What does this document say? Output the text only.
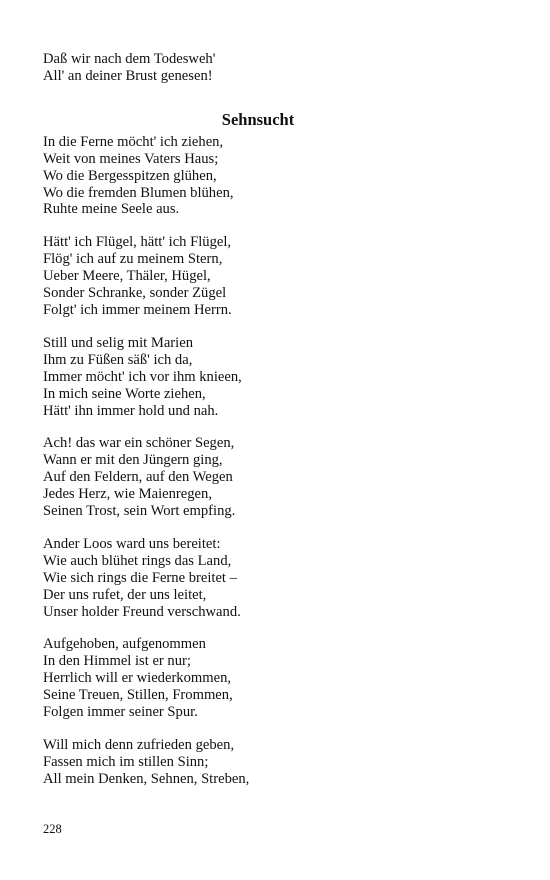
Daß wir nach dem Todesweh'
All' an deiner Brust genesen!
Sehnsucht
In die Ferne möcht' ich ziehen,
Weit von meines Vaters Haus;
Wo die Bergesspitzen glühen,
Wo die fremden Blumen blühen,
Ruhte meine Seele aus.
Hätt' ich Flügel, hätt' ich Flügel,
Flög' ich auf zu meinem Stern,
Ueber Meere, Thäler, Hügel,
Sonder Schranke, sonder Zügel
Folgt' ich immer meinem Herrn.
Still und selig mit Marien
Ihm zu Füßen säß' ich da,
Immer möcht' ich vor ihm knieen,
In mich seine Worte ziehen,
Hätt' ihn immer hold und nah.
Ach! das war ein schöner Segen,
Wann er mit den Jüngern ging,
Auf den Feldern, auf den Wegen
Jedes Herz, wie Maienregen,
Seinen Trost, sein Wort empfing.
Ander Loos ward uns bereitet:
Wie auch blühet rings das Land,
Wie sich rings die Ferne breitet –
Der uns rufet, der uns leitet,
Unser holder Freund verschwand.
Aufgehoben, aufgenommen
In den Himmel ist er nur;
Herrlich will er wiederkommen,
Seine Treuen, Stillen, Frommen,
Folgen immer seiner Spur.
Will mich denn zufrieden geben,
Fassen mich im stillen Sinn;
All mein Denken, Sehnen, Streben,
228
